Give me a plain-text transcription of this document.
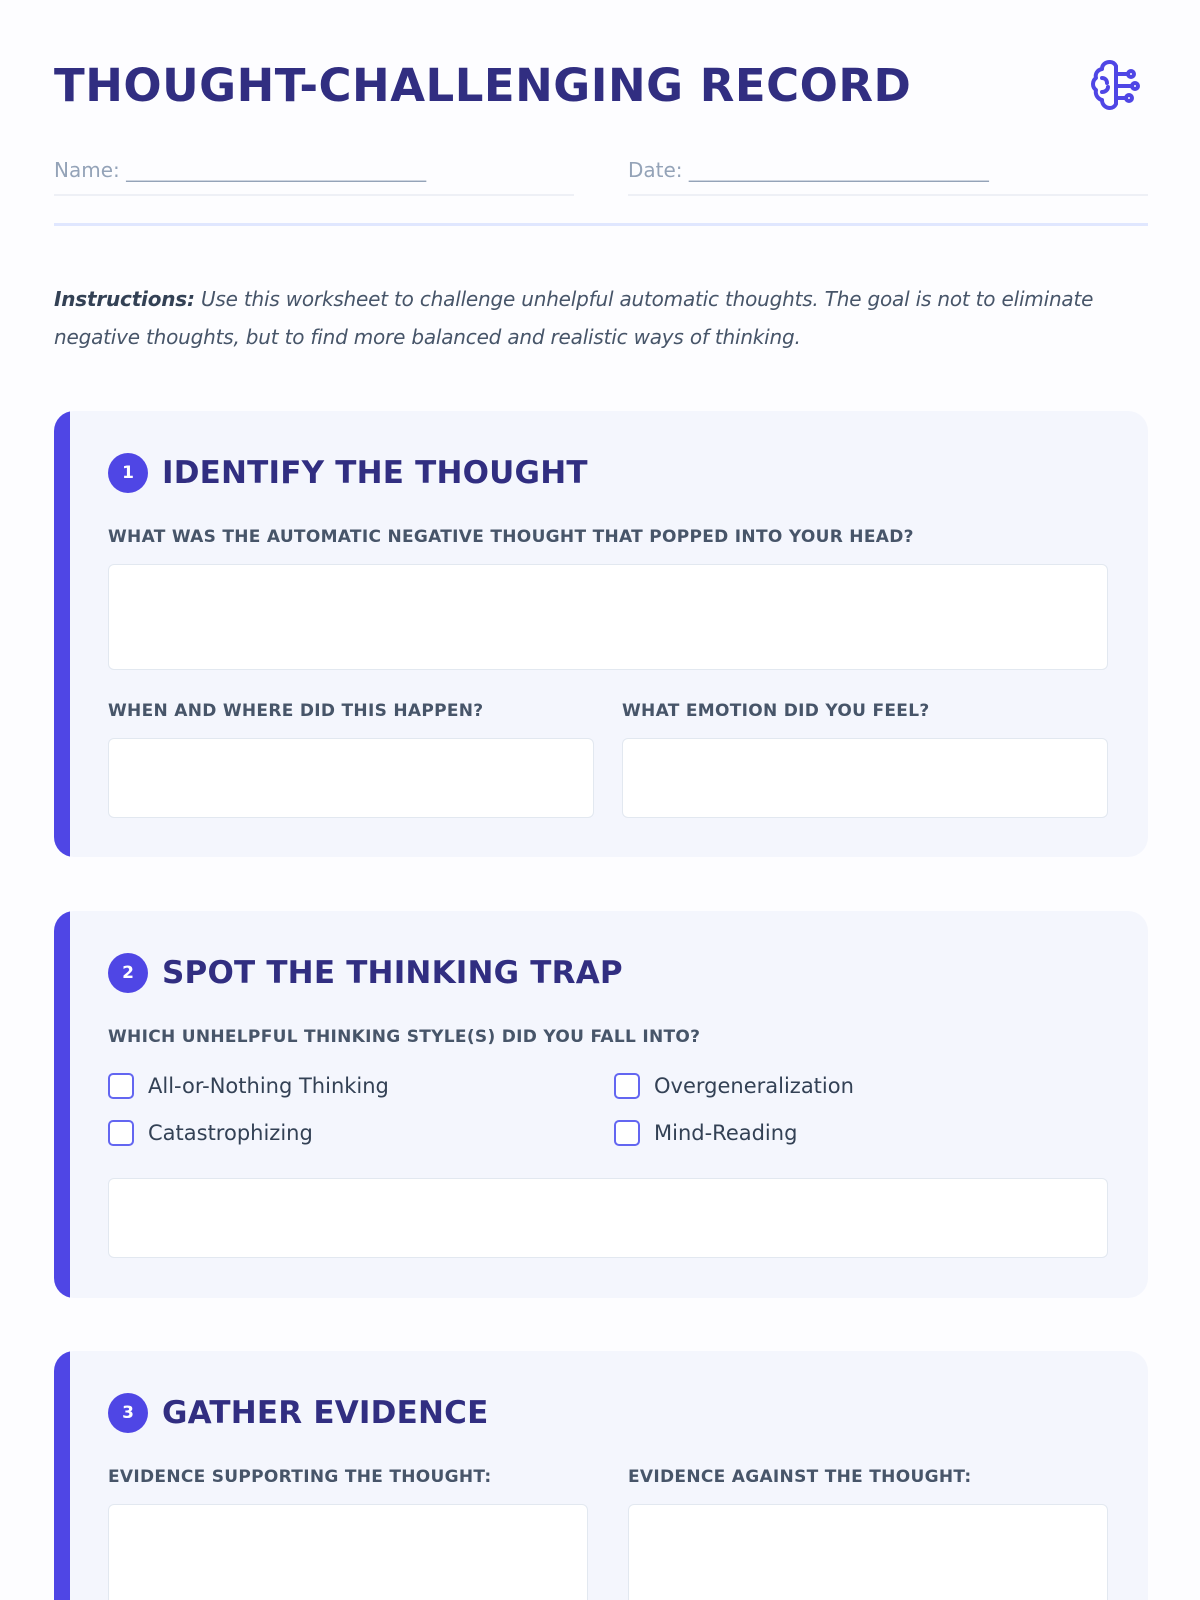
THOUGHT-CHALLENGING RECORD
Name: ______________________________	Date: ______________________________

Instructions: Use this worksheet to challenge unhelpful automatic thoughts. The goal is not to eliminate negative thoughts, but to find more balanced and realistic ways of thinking.

1 IDENTIFY THE THOUGHT
WHAT WAS THE AUTOMATIC NEGATIVE THOUGHT THAT POPPED INTO YOUR HEAD?
WHEN AND WHERE DID THIS HAPPEN?	WHAT EMOTION DID YOU FEEL?
2 SPOT THE THINKING TRAP
WHICH UNHELPFUL THINKING STYLE(S) DID YOU FALL INTO?
All-or-Nothing Thinking	Overgeneralization
Catastrophizing	Mind-Reading
3 GATHER EVIDENCE
EVIDENCE SUPPORTING THE THOUGHT:	EVIDENCE AGAINST THE THOUGHT:
